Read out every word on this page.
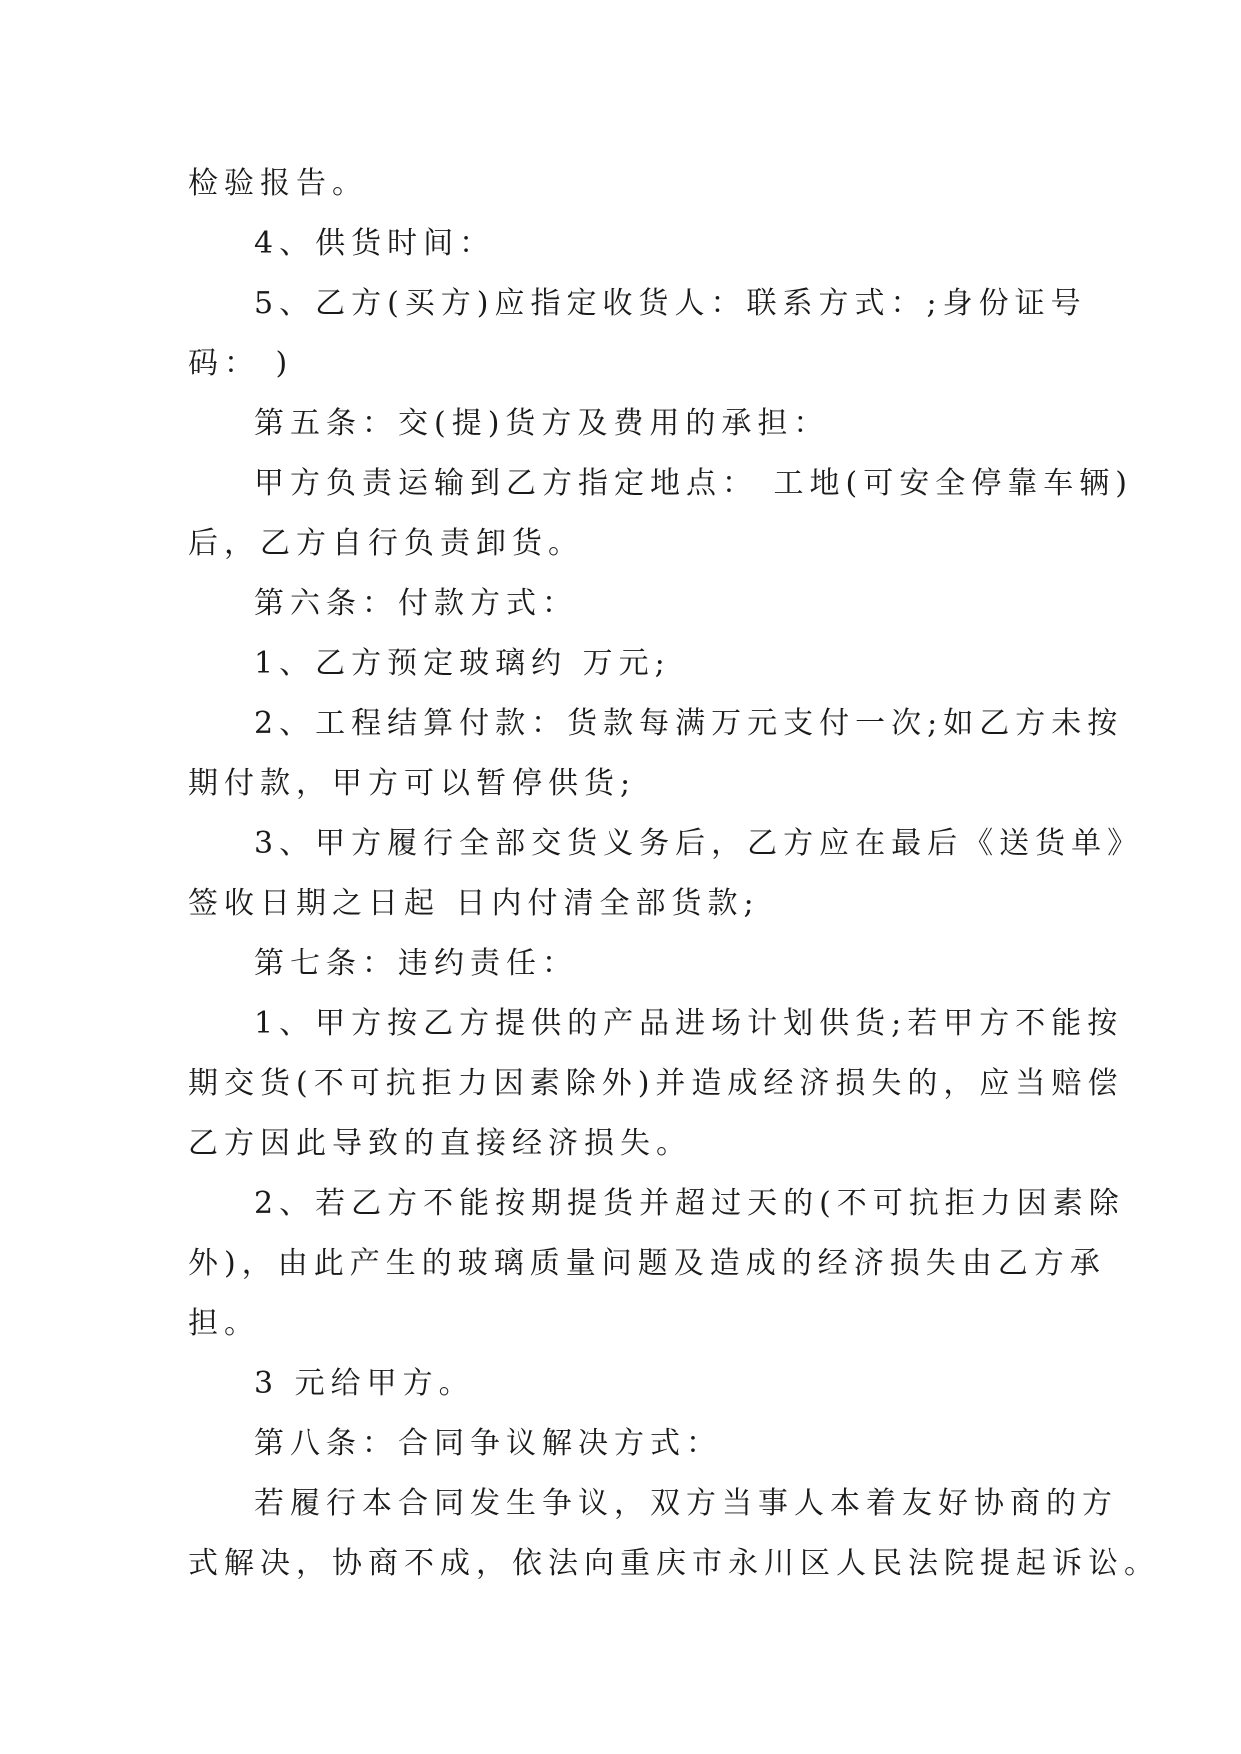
检验报告。
4、供货时间：
5、乙方(买方)应指定收货人：联系方式：;身份证号
码： )
第五条：交(提)货方及费用的承担：
甲方负责运输到乙方指定地点： 工地(可安全停靠车辆)
后，乙方自行负责卸货。
第六条：付款方式：
1、乙方预定玻璃约 万元;
2、工程结算付款：货款每满万元支付一次;如乙方未按
期付款，甲方可以暂停供货;
3、甲方履行全部交货义务后，乙方应在最后《送货单》
签收日期之日起 日内付清全部货款;
第七条：违约责任：
1、甲方按乙方提供的产品进场计划供货;若甲方不能按
期交货(不可抗拒力因素除外)并造成经济损失的，应当赔偿
乙方因此导致的直接经济损失。
2、若乙方不能按期提货并超过天的(不可抗拒力因素除
外)，由此产生的玻璃质量问题及造成的经济损失由乙方承
担。
3 元给甲方。
第八条：合同争议解决方式：
若履行本合同发生争议，双方当事人本着友好协商的方
式解决，协商不成，依法向重庆市永川区人民法院提起诉讼。
